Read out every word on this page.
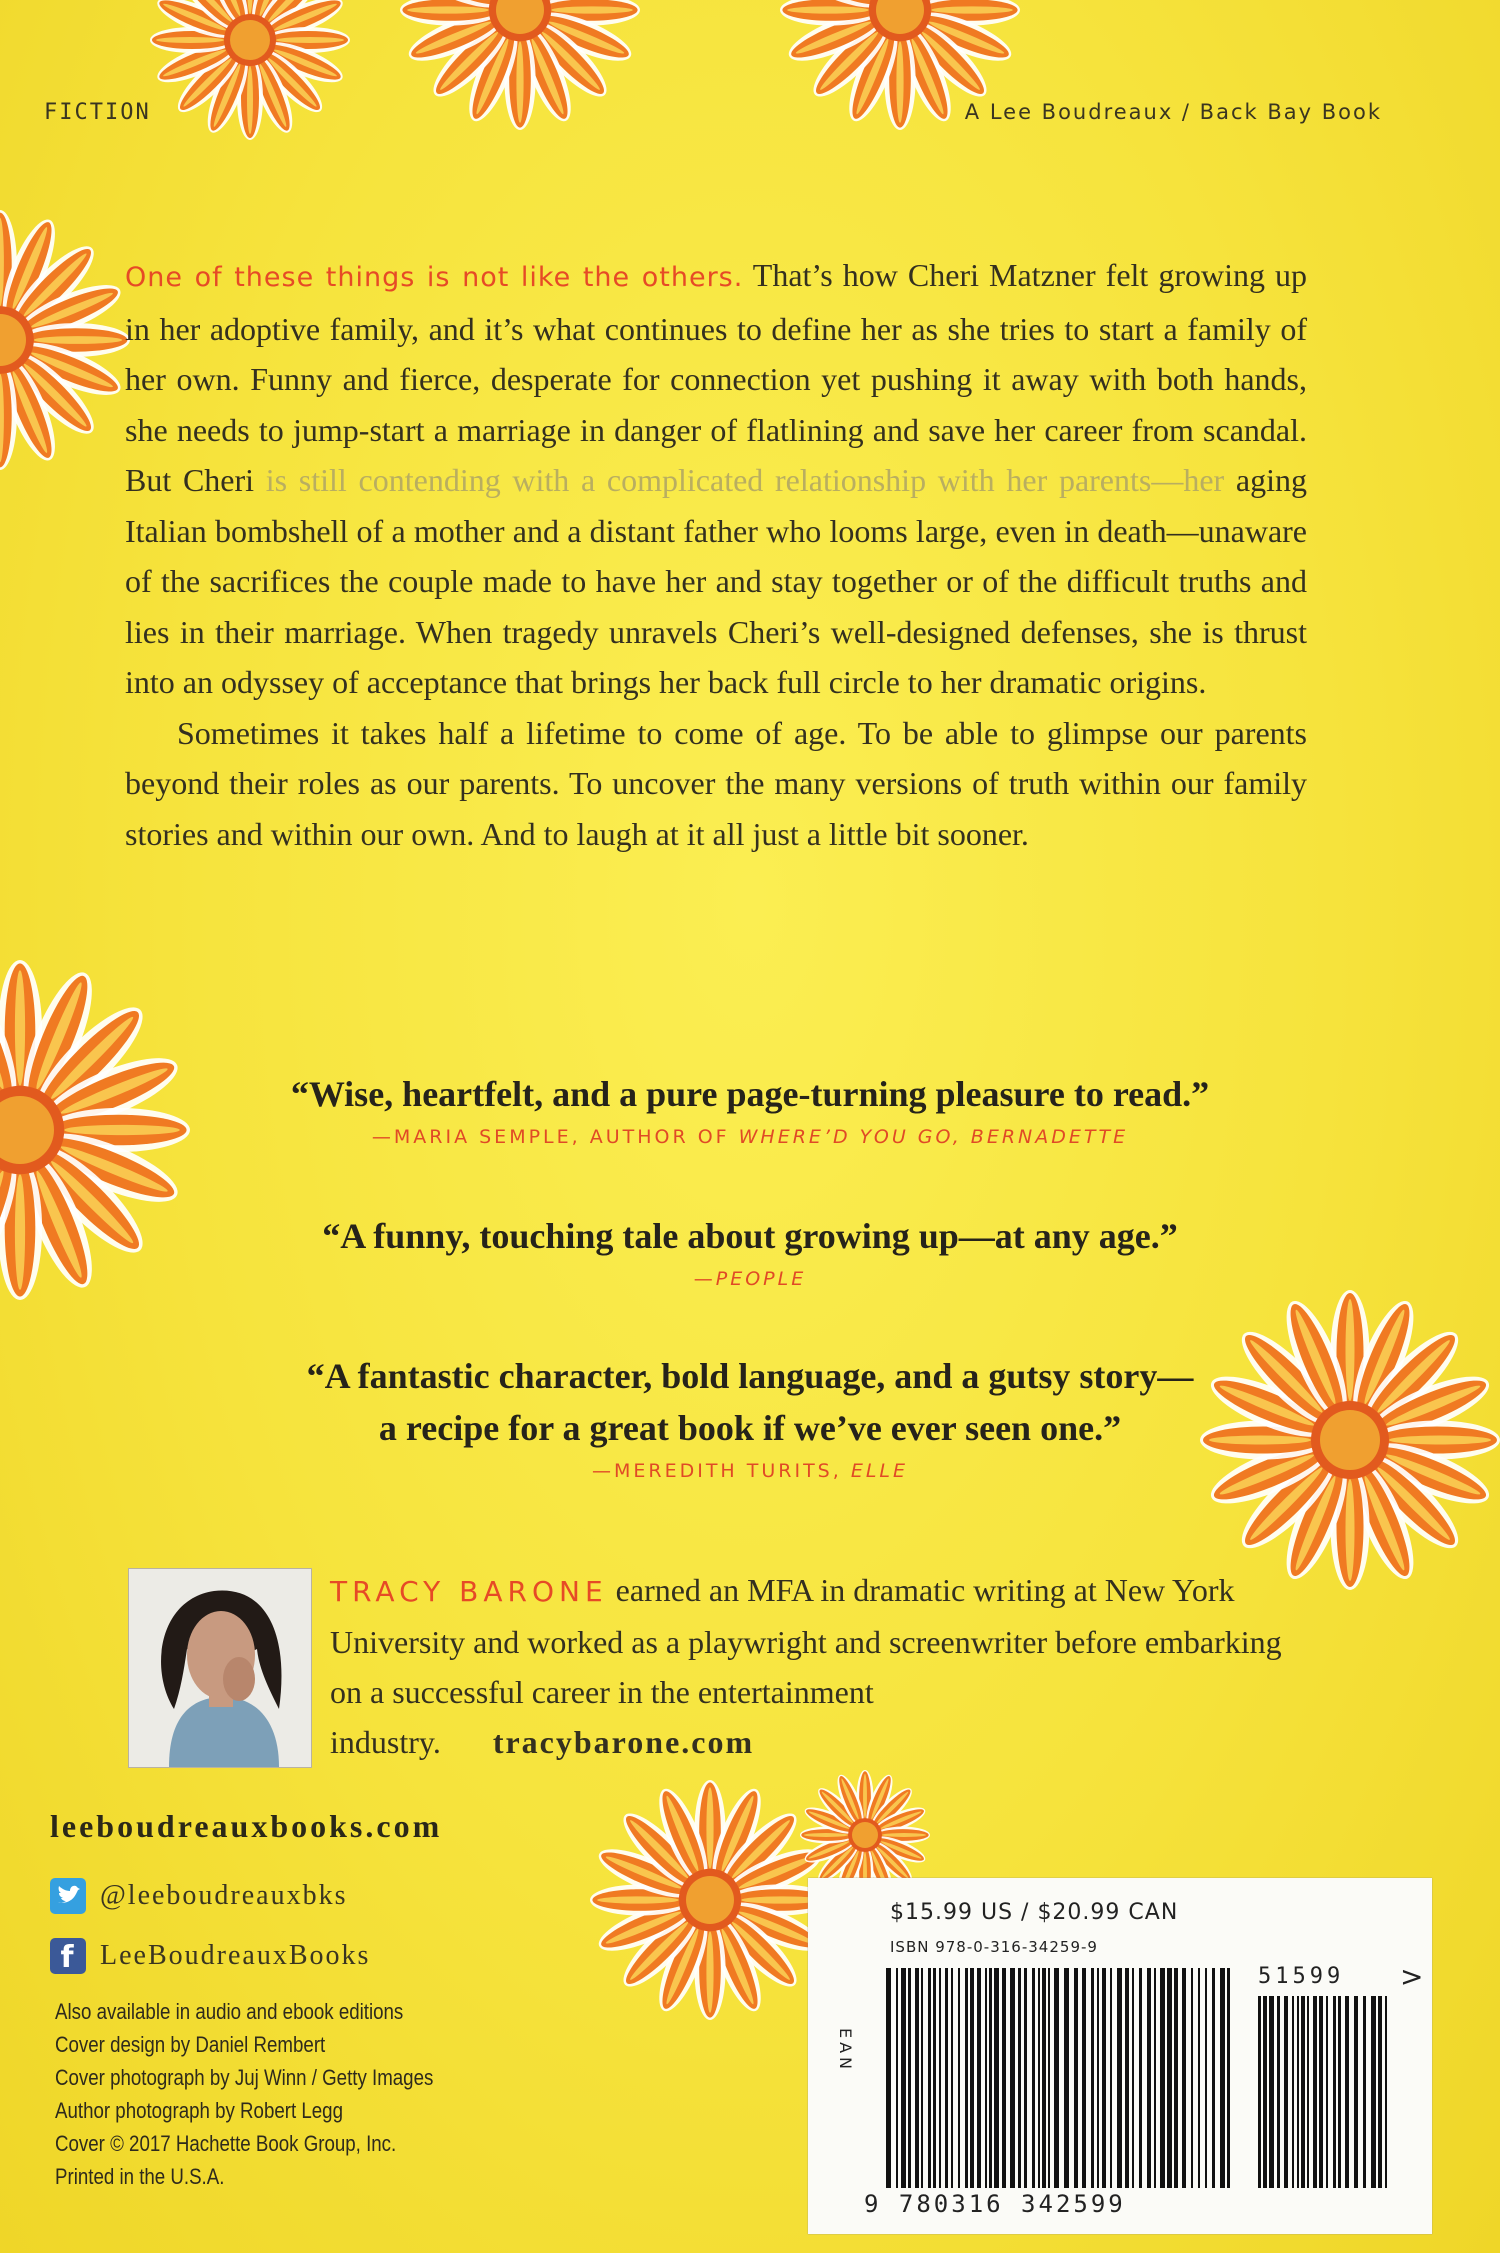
FICTION	A Lee Boudreaux / Back Bay Book

One of these things is not like the others. That’s how Cheri Matzner felt growing up in her adoptive family, and it’s what continues to define her as she tries to start a family of her own. Funny and fierce, desperate for connection yet pushing it away with both hands, she needs to jump-start a marriage in danger of flatlining and save her career from scandal. But Cheri is still contending with a complicated relationship with her parents—her aging Italian bombshell of a mother and a distant father who looms large, even in death—unaware of the sacrifices the couple made to have her and stay together or of the difficult truths and lies in their marriage. When tragedy unravels Cheri’s well-designed defenses, she is thrust into an odyssey of acceptance that brings her back full circle to her dramatic origins.

Sometimes it takes half a lifetime to come of age. To be able to glimpse our parents beyond their roles as our parents. To uncover the many versions of truth within our family stories and within our own. And to laugh at it all just a little bit sooner.

“Wise, heartfelt, and a pure page-turning pleasure to read.”
—MARIA SEMPLE, AUTHOR OF WHERE’D YOU GO, BERNADETTE
“A funny, touching tale about growing up—at any age.”
—PEOPLE
“A fantastic character, bold language, and a gutsy story—
a recipe for a great book if we’ve ever seen one.”
—MEREDITH TURITS, ELLE
TRACY BARONE earned an MFA in dramatic writing at New York University and worked as a playwright and screenwriter before embarking on a successful career in the entertainment industry. tracybarone.com
leeboudreauxbooks.com
@leeboudreauxbks
f LeeBoudreauxBooks
Also available in audio and ebook editions
Cover design by Daniel Rembert
Cover photograph by Juj Winn / Getty Images
Author photograph by Robert Legg
Cover © 2017 Hachette Book Group, Inc.
Printed in the U.S.A.
$15.99 US / $20.99 CAN
ISBN 978-0-316-34259-9
EAN
51599 >
9 780316 342599
